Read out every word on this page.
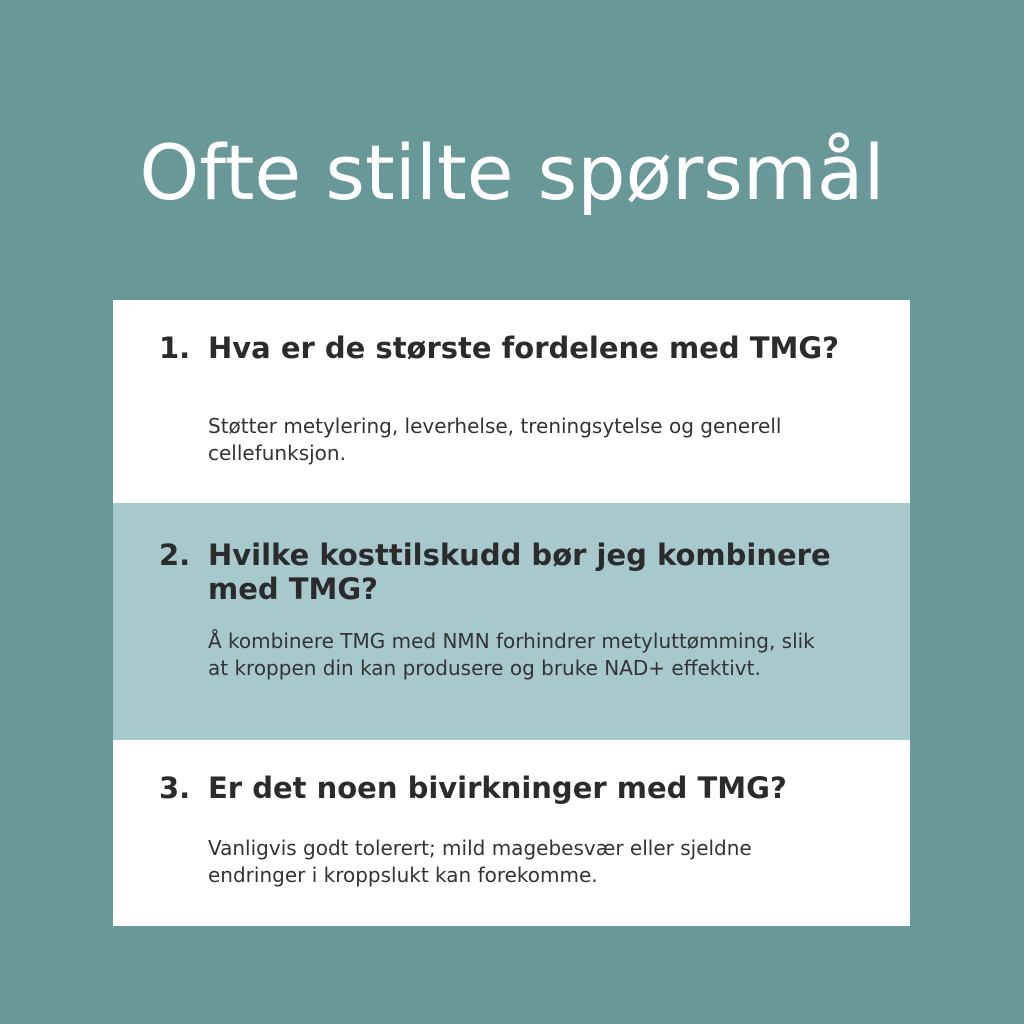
Ofte stilte spørsmål
1. Hva er de største fordelene med TMG?
Støtter metylering, leverhelse, treningsytelse og generell cellefunksjon.
2. Hvilke kosttilskudd bør jeg kombinere med TMG?
Å kombinere TMG med NMN forhindrer metyluttømming, slik at kroppen din kan produsere og bruke NAD+ effektivt.
3. Er det noen bivirkninger med TMG?
Vanligvis godt tolerert; mild magebesvær eller sjeldne endringer i kroppslukt kan forekomme.
